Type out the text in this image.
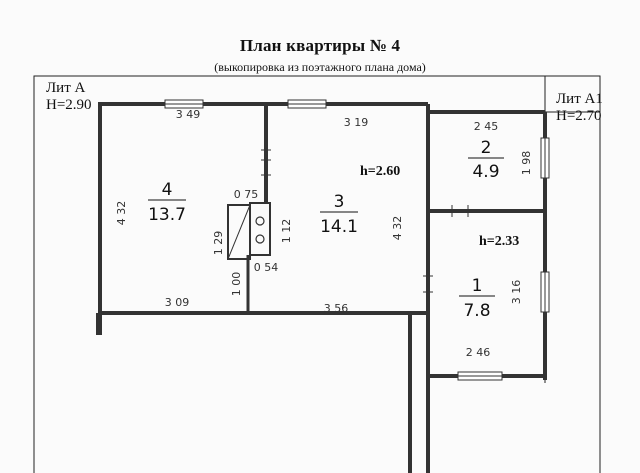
План квартиры № 4
(выкопировка из поэтажного плана дома)
Лит А
H=2.90	Лит А1
H=2.70
3 49
3 19	2 45
1 98
4 32
4 32
0 75
1 12
1 29
0 54
1 00
3 09	3 56
3 16
2 46
4
13.7
3
14.1
h=2.60
2
4.9
1
7.8
h=2.33
